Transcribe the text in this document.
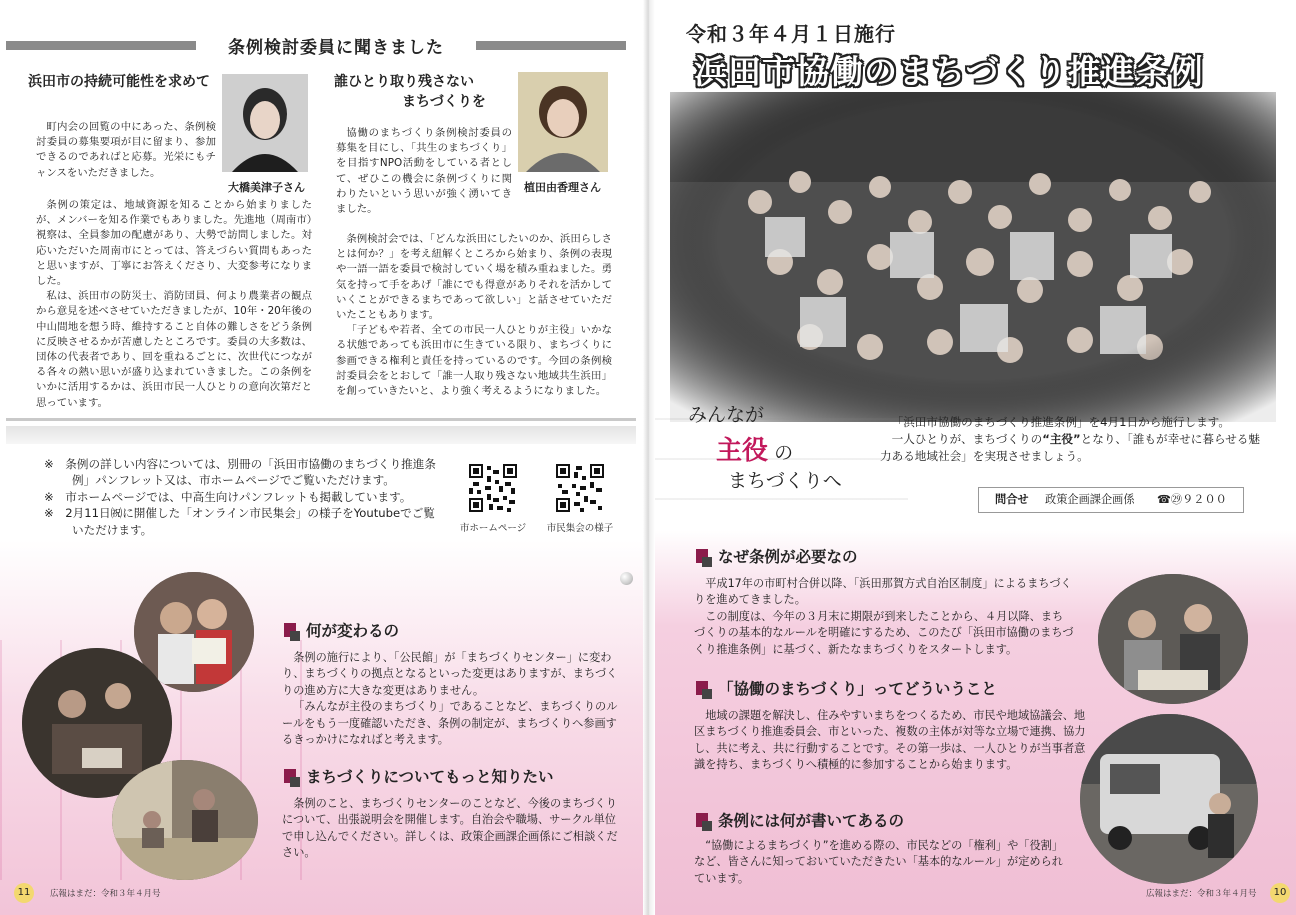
条例検討委員に聞きました
浜田市の持続可能性を求めて
大橋美津子さん

町内会の回覧の中にあった、条例検討委員の募集要項が目に留まり、参加できるのであればと応募。光栄にもチャンスをいただきました。

条例の策定は、地域資源を知ることから始まりましたが、メンバーを知る作業でもありました。先進地（周南市）視察は、全員参加の配慮があり、大勢で訪問しました。対応いただいた周南市にとっては、答えづらい質問もあったと思いますが、丁寧にお答えくださり、大変参考になりました。

私は、浜田市の防災士、消防団員、何より農業者の観点から意見を述べさせていただきましたが、10年・20年後の中山間地を想う時、維持すること自体の難しさをどう条例に反映させるかが苦慮したところです。委員の大多数は、団体の代表者であり、回を重ねるごとに、次世代につながる各々の熱い思いが盛り込まれていきました。この条例をいかに活用するかは、浜田市民一人ひとりの意向次第だと思っています。

誰ひとり取り残さない
まちづくりを
植田由香理さん

協働のまちづくり条例検討委員の募集を目にし、「共生のまちづくり」を目指すNPO活動をしている者として、ぜひこの機会に条例づくりに関わりたいという思いが強く湧いてきました。

条例検討会では、「どんな浜田にしたいのか、浜田らしさとは何か？」を考え紐解くところから始まり、条例の表現や一語一語を委員で検討していく場を積み重ねました。勇気を持って手をあげ「誰にでも得意がありそれを活かしていくことができるまちであって欲しい」と話させていただいたこともあります。

「子どもや若者、全ての市民一人ひとりが主役」いかなる状態であっても浜田市に生きている限り、まちづくりに参画できる権利と責任を持っているのです。今回の条例検討委員会をとおして「誰一人取り残さない地域共生浜田」を創っていきたいと、より強く考えるようになりました。

※　条例の詳しい内容については、別冊の「浜田市協働のまちづくり推進条例」パンフレット又は、市ホームページでご覧いただけます。
※　市ホームページでは、中高生向けパンフレットも掲載しています。
※　2月11日㈷に開催した「オンライン市民集会」の様子をYoutubeでご覧いただけます。	市ホームページ	市民集会の様子
何が変わるの

条例の施行により、「公民館」が「まちづくりセンター」に変わり、まちづくりの拠点となるといった変更はありますが、まちづくりの進め方に大きな変更はありません。

「みんなが主役のまちづくり」であることなど、まちづくりのルールをもう一度確認いただき、条例の制定が、まちづくりへ参画するきっかけになればと考えます。

まちづくりについてもっと知りたい

条例のこと、まちづくりセンターのことなど、今後のまちづくりについて、出張説明会を開催します。自治会や職場、サークル単位で申し込んでください。詳しくは、政策企画課企画係にご相談ください。

11	広報はまだ：令和３年４月号
令和３年４月１日施行
浜田市協働のまちづくり推進条例
みんなが
主役 の
まちづくりへ

「浜田市協働のまちづくり推進条例」を4月1日から施行します。

一人ひとりが、まちづくりの“主役”となり、「誰もが幸せに暮らせる魅力ある地域社会」を実現させましょう。

問合せ 政策企画課企画係 ☎㉙９２００
なぜ条例が必要なの

平成17年の市町村合併以降、「浜田那賀方式自治区制度」によるまちづくりを進めてきました。

この制度は、今年の３月末に期限が到来したことから、４月以降、まちづくりの基本的なルールを明確にするため、このたび「浜田市協働のまちづくり推進条例」に基づく、新たなまちづくりをスタートします。

「協働のまちづくり」ってどういうこと

地域の課題を解決し、住みやすいまちをつくるため、市民や地域協議会、地区まちづくり推進委員会、市といった、複数の主体が対等な立場で連携、協力し、共に考え、共に行動することです。その第一歩は、一人ひとりが当事者意識を持ち、まちづくりへ積極的に参加することから始まります。

条例には何が書いてあるの

“協働によるまちづくり”を進める際の、市民などの「権利」や「役割」など、皆さんに知っておいていただきたい「基本的なルール」が定められています。

広報はまだ：令和３年４月号	10
